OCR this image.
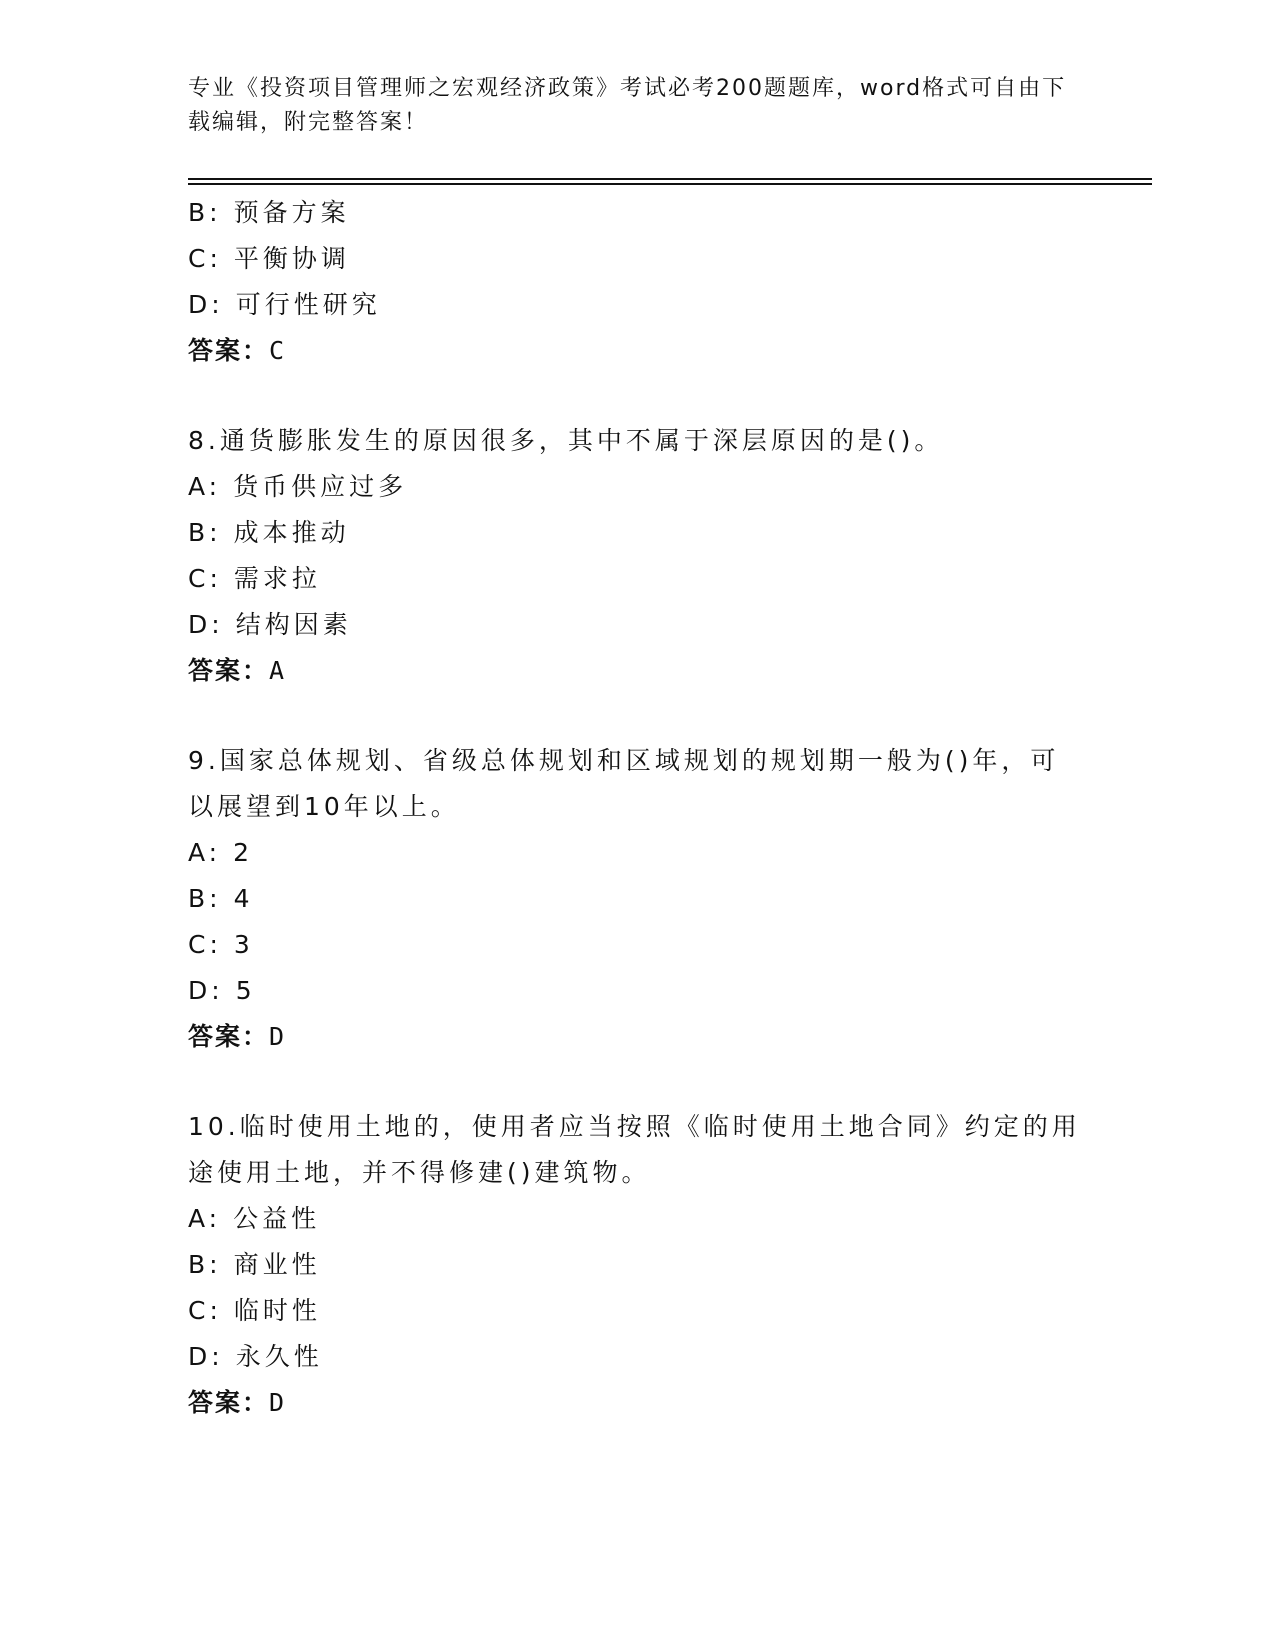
专业《投资项目管理师之宏观经济政策》考试必考200题题库，word格式可自由下载编辑，附完整答案！
B: 预备方案
C: 平衡协调
D: 可行性研究
答案：C
8.通货膨胀发生的原因很多，其中不属于深层原因的是()。
A: 货币供应过多
B: 成本推动
C: 需求拉
D: 结构因素
答案：A
9.国家总体规划、省级总体规划和区域规划的规划期一般为()年，可以展望到10年以上。
A: 2
B: 4
C: 3
D: 5
答案：D
10.临时使用土地的，使用者应当按照《临时使用土地合同》约定的用途使用土地，并不得修建()建筑物。
A: 公益性
B: 商业性
C: 临时性
D: 永久性
答案：D
